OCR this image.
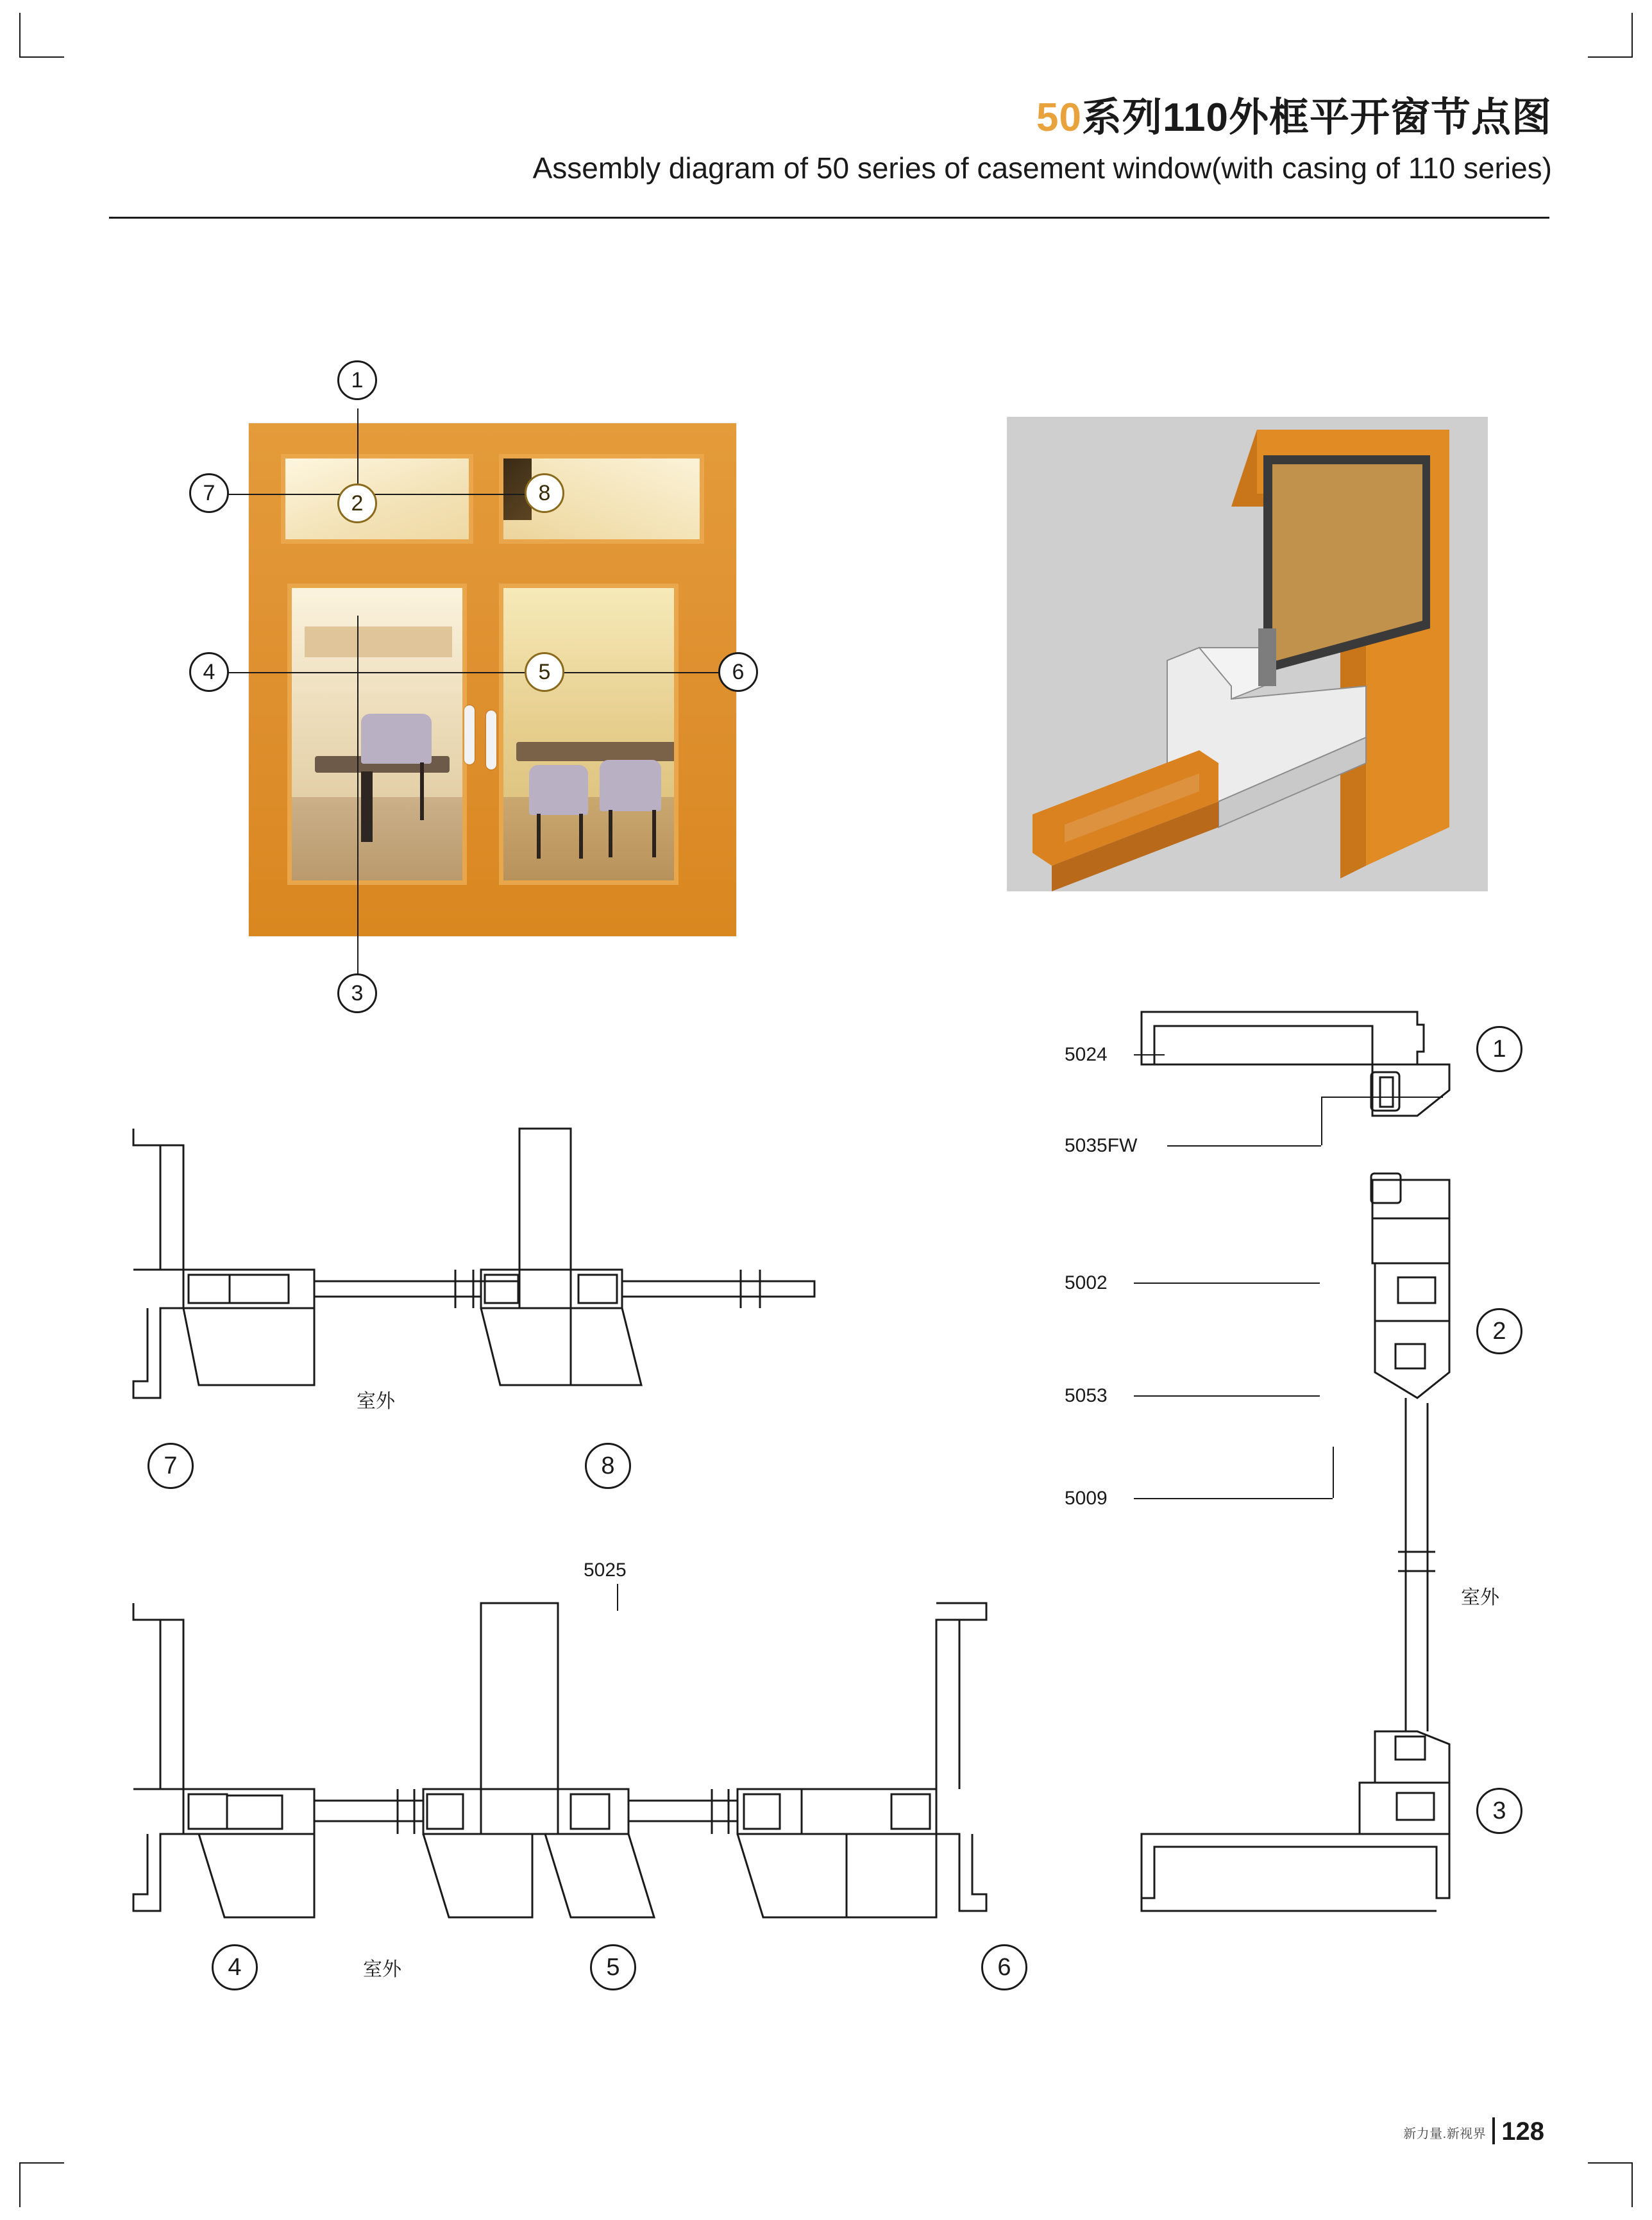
50系列110外框平开窗节点图
Assembly diagram of 50 series of casement window(with casing of 110 series)
1
7	2	8
4	5	6
3
5024
5035FW
5002
5053
5009
1
2
3
室外
室外
7	8
5025
室外
4	5	6
新力量.新视界 128
